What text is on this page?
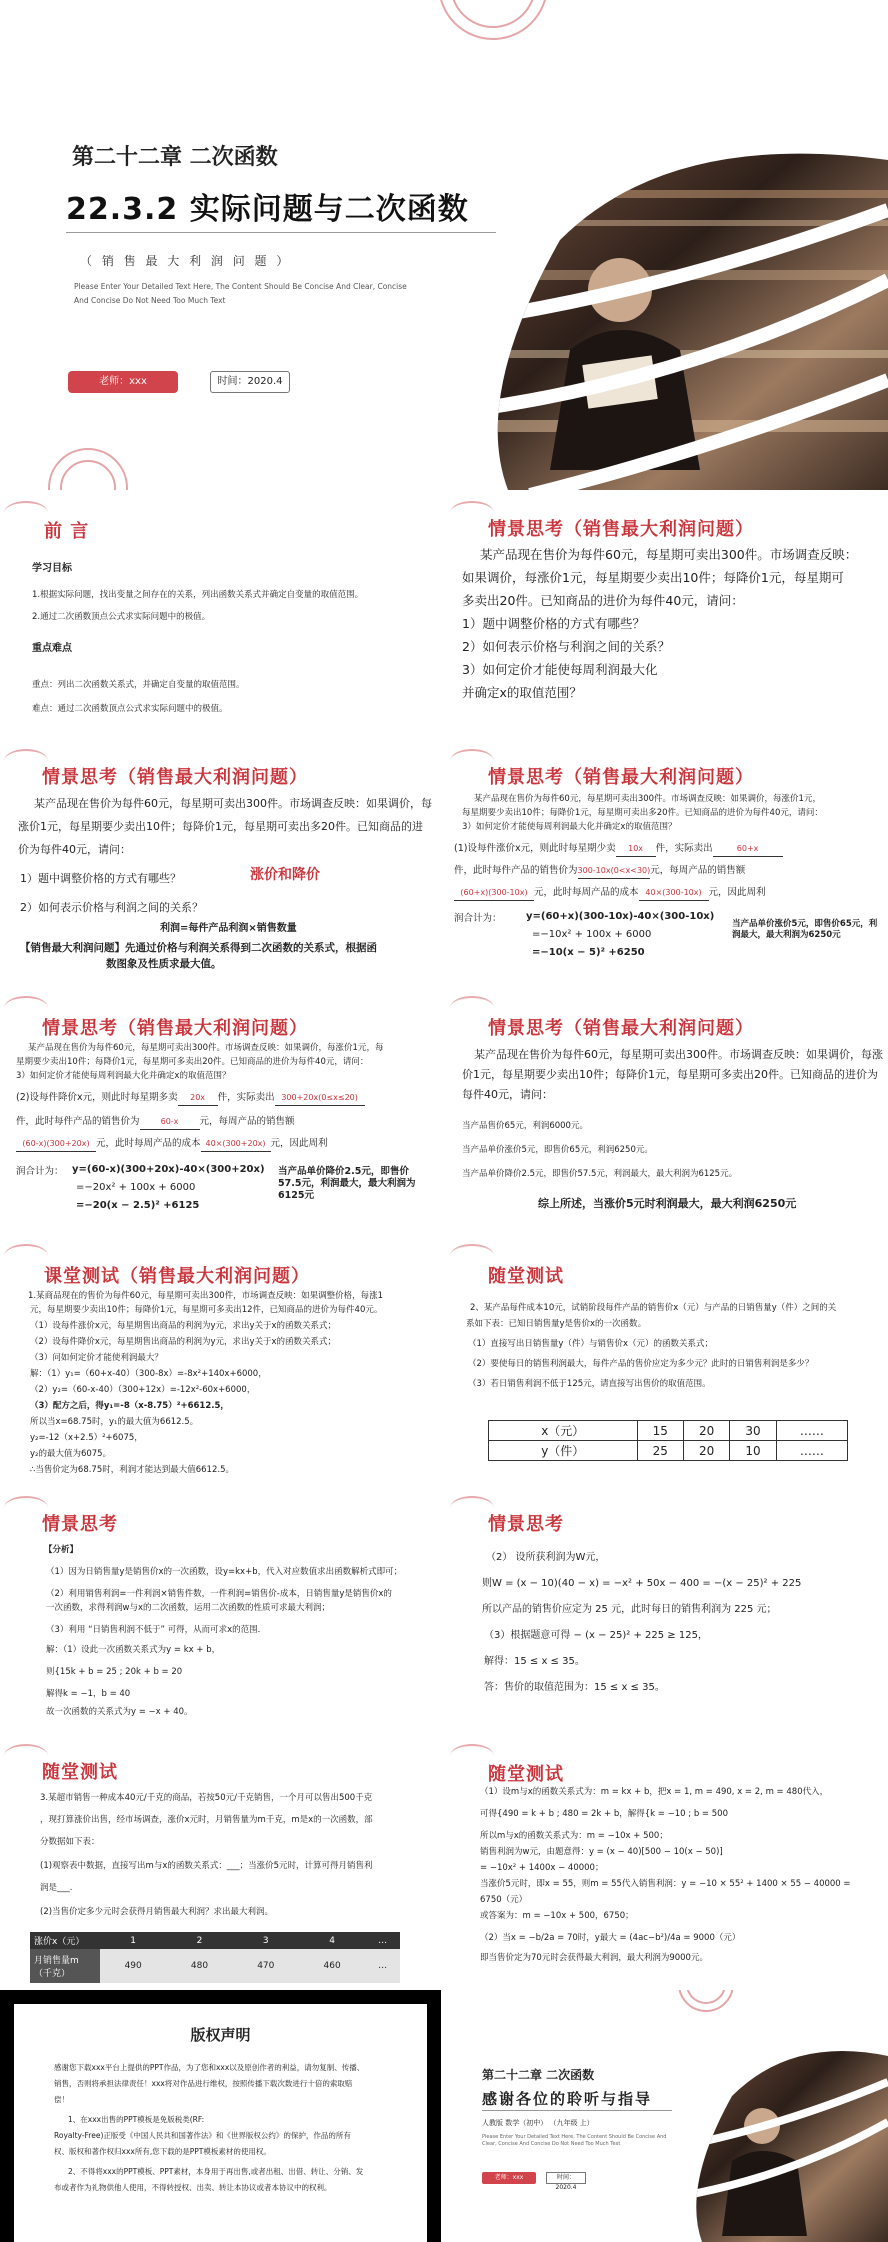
第二十二章 二次函数
22.3.2 实际问题与二次函数
（ 销 售 最 大 利 润 问 题 ）
Please Enter Your Detailed Text Here, The Content Should Be Concise And Clear, Concise
And Concise Do Not Need Too Much Text
老师：xxx	时间：2020.4
前 言
学习目标
1.根据实际问题，找出变量之间存在的关系，列出函数关系式并确定自变量的取值范围。
2.通过二次函数顶点公式求实际问题中的极值。
重点难点
重点：列出二次函数关系式，并确定自变量的取值范围。
难点：通过二次函数顶点公式求实际问题中的极值。
情景思考（销售最大利润问题）
某产品现在售价为每件60元，每星期可卖出300件。市场调查反映：
如果调价，每涨价1元，每星期要少卖出10件；每降价1元，每星期可
多卖出20件。已知商品的进价为每件40元，请问：
1）题中调整价格的方式有哪些？
2）如何表示价格与利润之间的关系？
3）如何定价才能使每周利润最大化
并确定x的取值范围？
情景思考（销售最大利润问题）
某产品现在售价为每件60元，每星期可卖出300件。市场调查反映：如果调价，每
涨价1元，每星期要少卖出10件；每降价1元，每星期可卖出多20件。已知商品的进
价为每件40元，请问：
1）题中调整价格的方式有哪些？	涨价和降价
2）如何表示价格与利润之间的关系？
利润=每件产品利润×销售数量
【销售最大利润问题】先通过价格与利润关系得到二次函数的关系式，根据函
数图象及性质求最大值。
情景思考（销售最大利润问题）
某产品现在售价为每件60元，每星期可卖出300件。市场调查反映：如果调价，每涨价1元，
每星期要少卖出10件；每降价1元，每星期可卖出多20件。已知商品的进价为每件40元，请问：
3）如何定价才能使每周利润最大化并确定x的取值范围？
(1)设每件涨价x元，则此时每星期少卖 10x 件，实际卖出	60+x
件，此时每件产品的销售价为300-10x(0<x<30)元，每周产品的销售额
(60+x)(300-10x) 元，此时每周产品的成本 40×(300-10x) 元，因此周利
润合计为： y=(60+x)(300-10x)-40×(300-10x)
=−10x² + 100x + 6000
=−10(x − 5)² +6250
当产品单价涨价5元，即售价65元，利润最大，最大利润为6250元
情景思考（销售最大利润问题）
某产品现在售价为每件60元，每星期可卖出300件。市场调查反映：如果调价，每涨价1元，每
星期要少卖出10件；每降价1元，每星期可多卖出20件。已知商品的进价为每件40元，请问：
3）如何定价才能使每周利润最大化并确定x的取值范围？
(2)设每件降价x元，则此时每星期多卖 20x 件，实际卖出 300+20x(0≤x≤20)
件，此时每件产品的销售价为	60-x 元，每周产品的销售额
(60-x)(300+20x) 元，此时每周产品的成本 40×(300+20x) 元，因此周利
润合计为： y=(60-x)(300+20x)-40×(300+20x)
=−20x² + 100x + 6000
=−20(x − 2.5)² +6125
当产品单价降价2.5元，即售价57.5元，利润最大，最大利润为6125元
情景思考（销售最大利润问题）
某产品现在售价为每件60元，每星期可卖出300件。市场调查反映：如果调价，每涨
价1元，每星期要少卖出10件；每降价1元，每星期可多卖出20件。已知商品的进价为
每件40元，请问：
当产品售价65元，利润6000元。
当产品单价涨价5元，即售价65元，利润6250元。
当产品单价降价2.5元，即售价57.5元，利润最大，最大利润为6125元。
综上所述，当涨价5元时利润最大，最大利润6250元
课堂测试（销售最大利润问题）
1.某商品现在的售价为每件60元，每星期可卖出300件，市场调查反映：如果调整价格，每涨1
元，每星期要少卖出10件；每降价1元，每星期可多卖出12件，已知商品的进价为每件40元。
（1）设每件涨价x元，每星期售出商品的利润为y元，求出y关于x的函数关系式；
（2）设每件降价x元，每星期售出商品的利润为y元，求出y关于x的函数关系式；
（3）问如何定价才能使利润最大？
解：（1）y₁=（60+x-40）（300-8x）=-8x²+140x+6000，
（2）y₂=（60-x-40）（300+12x）=-12x²-60x+6000，
（3）配方之后，得y₁=-8（x-8.75）²+6612.5，
所以当x=68.75时，y₁的最大值为6612.5。
y₂=-12（x+2.5）²+6075，
y₂的最大值为6075。
∴当售价定为68.75时，利润才能达到最大值6612.5。
随堂测试
2、某产品每件成本10元，试销阶段每件产品的销售价x（元）与产品的日销售量y（件）之间的关
系如下表：已知日销售量y是售价x的一次函数。
（1）直接写出日销售量y（件）与销售价x（元）的函数关系式；
（2）要使每日的销售利润最大，每件产品的售价应定为多少元？此时的日销售利润是多少？
（3）若日销售利润不低于125元，请直接写出售价的取值范围。
x（元）	15	20	30	……
y（件）	25	20	10	……
情景思考
【分析】
（1）因为日销售量y是销售价x的一次函数，设y=kx+b，代入对应数值求出函数解析式即可；
（2）利用销售利润=一件利润×销售件数，一件利润=销售价-成本，日销售量y是销售价x的
一次函数，求得利润w与x的二次函数，运用二次函数的性质可求最大利润；
（3）利用 “日销售利润不低于” 可得，从而可求x的范围．
解：（1）设此一次函数关系式为y = kx + b，
则{15k + b = 25 ; 20k + b = 20
解得k = −1，b = 40
故一次函数的关系式为y = −x + 40。
情景思考
（2） 设所获利润为W元，
则W = (x − 10)(40 − x) = −x² + 50x − 400 = −(x − 25)² + 225
所以产品的销售价应定为 25 元，此时每日的销售利润为 225 元；
（3）根据题意可得 − (x − 25)² + 225 ≥ 125，
解得：15 ≤ x ≤ 35。
答：售价的取值范围为：15 ≤ x ≤ 35。
随堂测试
3.某超市销售一种成本40元/千克的商品，若按50元/千克销售，一个月可以售出500千克
，现打算涨价出售，经市场调查，涨价x元时，月销售量为m千克，m是x的一次函数，部
分数据如下表：
(1)观察表中数据，直接写出m与x的函数关系式：___；当涨价5元时，计算可得月销售利
润是___.
(2)当售价定多少元时会获得月销售最大利润？求出最大利润。
涨价x（元）	1	2	3	4	…
月销售量m（千克）	490	480	470	460	…
随堂测试
（1）设m与x的函数关系式为：m = kx + b，把x = 1, m = 490, x = 2, m = 480代入，
可得{490 = k + b ; 480 = 2k + b，解得{k = −10 ; b = 500
所以m与x的函数关系式为：m = −10x + 500；
销售利润为w元，由题意得：y = (x − 40)[500 − 10(x − 50)]
= −10x² + 1400x − 40000；
当涨价5元时，即x = 55，则m = 55代入销售利润：y = −10 × 55² + 1400 × 55 − 40000 =
6750（元）
或答案为：m = −10x + 500，6750；
（2）当x = −b/2a = 70时，y最大 = (4ac−b²)/4a = 9000（元）
即当售价定为70元时会获得最大利润，最大利润为9000元。
版权声明
感谢您下载xxx平台上提供的PPT作品，为了您和xxx以及原创作者的利益，请勿复制、传播、
销售，否则将承担法律责任！xxx将对作品进行维权，按照传播下载次数进行十倍的索取赔
偿！
1、在xxx出售的PPT模板是免版税类(RF:
Royalty-Free)正版受《中国人民共和国著作法》和《世界版权公约》的保护，作品的所有
权、版权和著作权归xxx所有,您下载的是PPT模板素材的使用权。
2、不得将xxx的PPT模板、PPT素材，本身用于再出售,或者出租、出借、转让、分销、发
布或者作为礼物供他人使用，不得转授权、出卖、转让本协议或者本协议中的权利。
第二十二章 二次函数
感谢各位的聆听与指导
人教版 数学（初中） （九年级 上）
Please Enter Your Detailed Text Here, The Content Should Be Concise And Clear, Concise And Concise Do Not Need Too Much Text
老师：xxx	时间：2020.4
